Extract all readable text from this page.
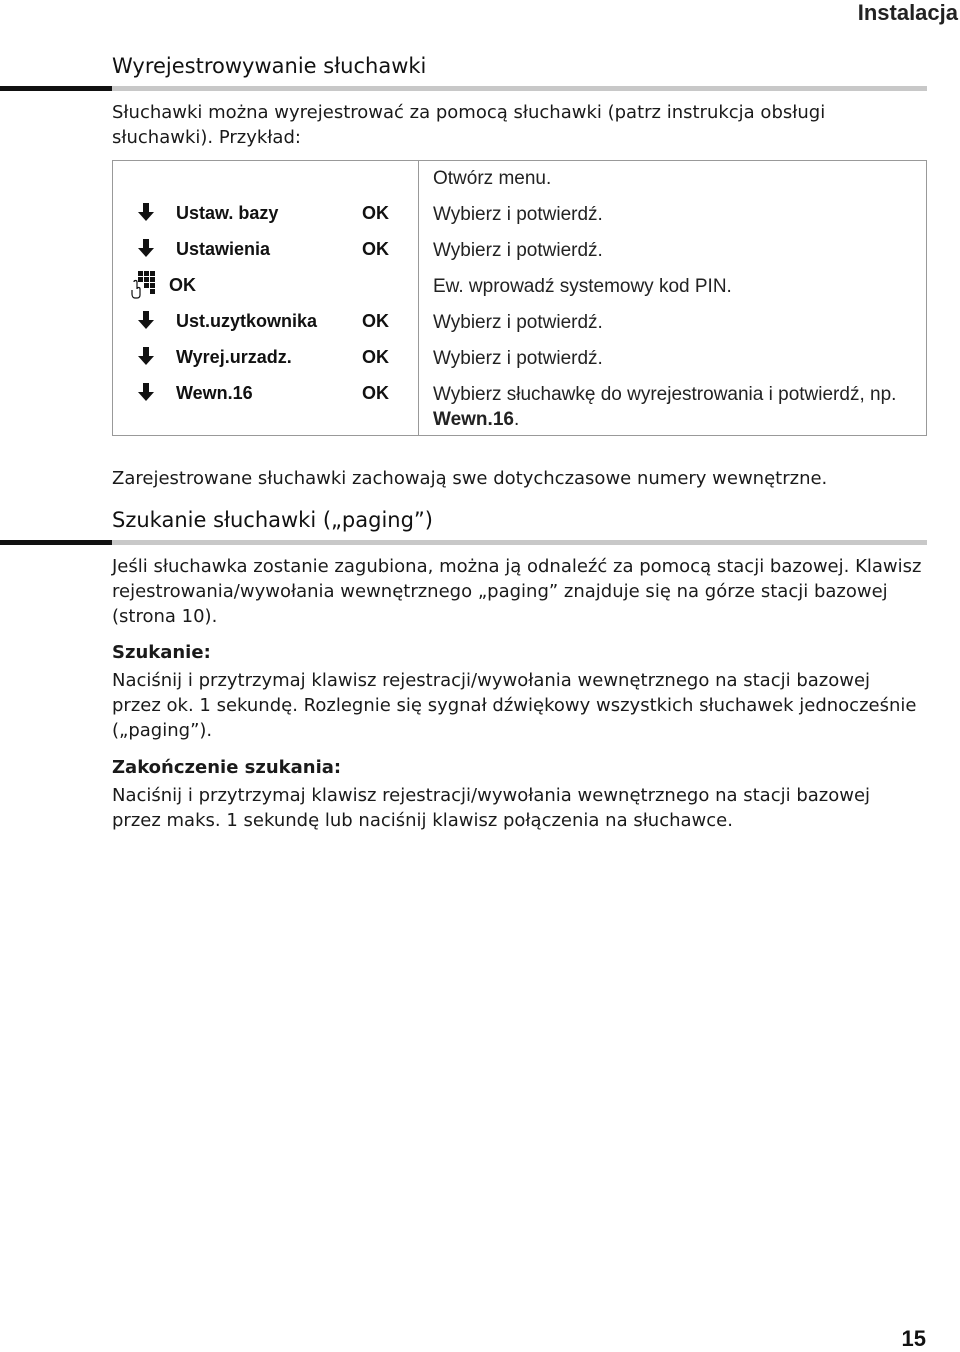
Instalacja
Wyrejestrowywanie słuchawki
Słuchawki można wyrejestrować za pomocą słuchawki (patrz instrukcja obsługi słuchawki). Przykład:
Otwórz menu.
Ustaw. bazy	OK Wybierz i potwierdź.
Ustawienia	OK Wybierz i potwierdź.
OK	Ew. wprowadź systemowy kod PIN.
Ust.uzytkownika OK Wybierz i potwierdź.
Wyrej.urzadz.	OK Wybierz i potwierdź.
Wewn.16	OK Wybierz słuchawkę do wyrejestrowania i potwierdź, np. Wewn.16.
Zarejestrowane słuchawki zachowają swe dotychczasowe numery wewnętrzne.
Szukanie słuchawki („paging”)
Jeśli słuchawka zostanie zagubiona, można ją odnaleźć za pomocą stacji bazowej. Klawisz rejestrowania/wywołania wewnętrznego „paging” znajduje się na górze stacji bazowej (strona 10).
Szukanie:
Naciśnij i przytrzymaj klawisz rejestracji/wywołania wewnętrznego na stacji bazowej przez ok. 1 sekundę. Rozlegnie się sygnał dźwiękowy wszystkich słuchawek jednocześnie („paging”).
Zakończenie szukania:
Naciśnij i przytrzymaj klawisz rejestracji/wywołania wewnętrznego na stacji bazowej przez maks. 1 sekundę lub naciśnij klawisz połączenia na słuchawce.
15
